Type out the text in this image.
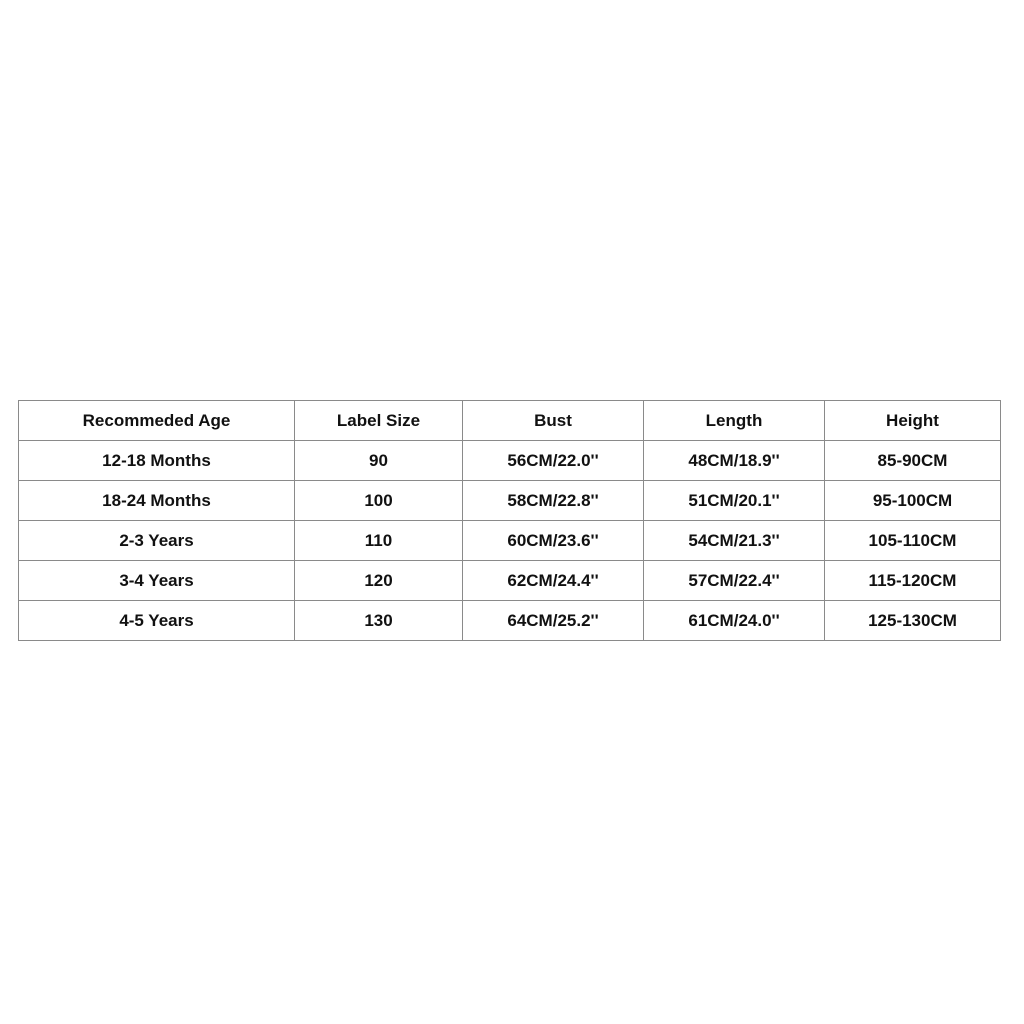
Recommeded Age	Label Size	Bust	Length	Height
12-18 Months	90	56CM/22.0''	48CM/18.9''	85-90CM
18-24 Months	100	58CM/22.8''	51CM/20.1''	95-100CM
2-3 Years	110	60CM/23.6''	54CM/21.3''	105-110CM
3-4 Years	120	62CM/24.4''	57CM/22.4''	115-120CM
4-5 Years	130	64CM/25.2''	61CM/24.0''	125-130CM
